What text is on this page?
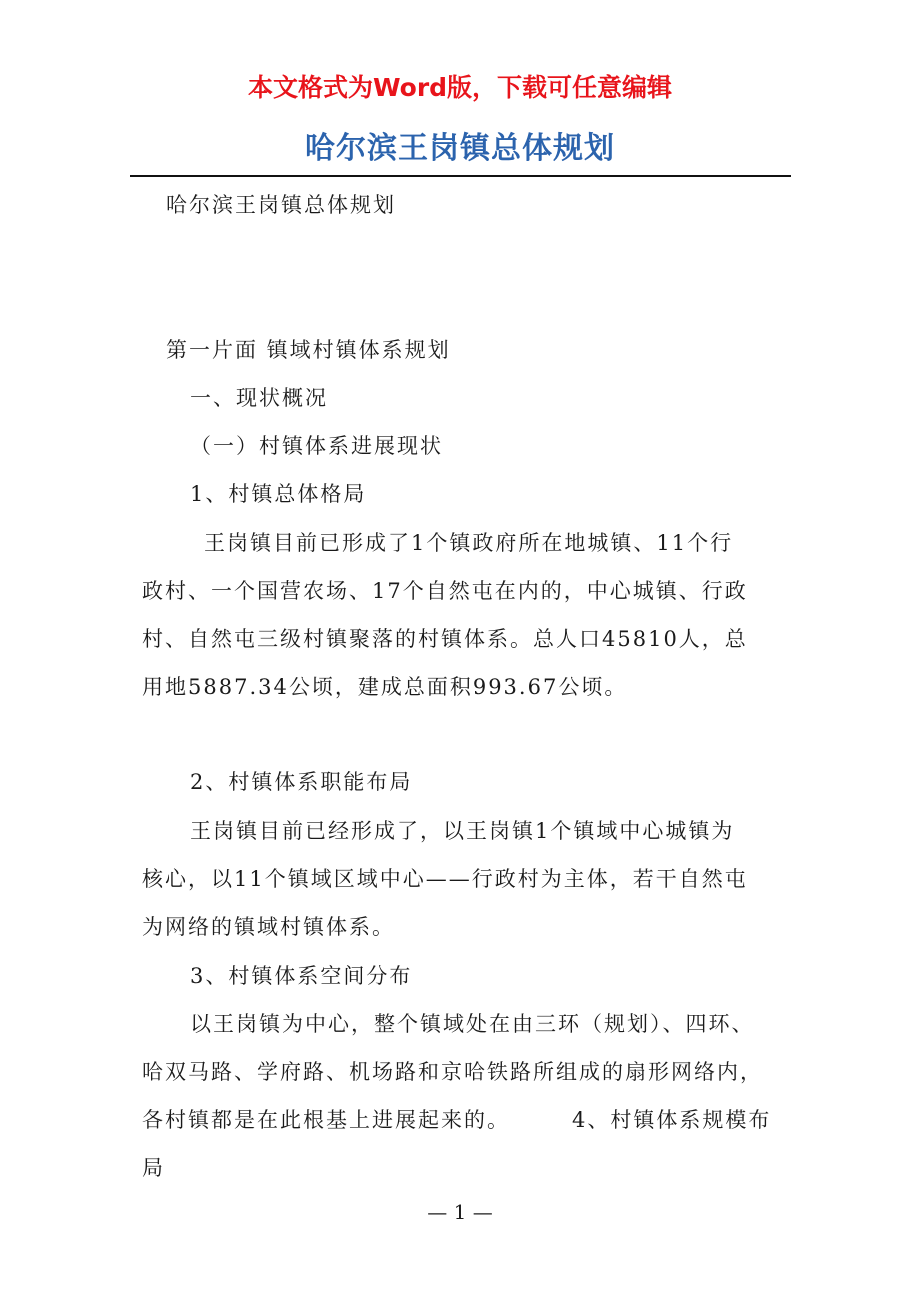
本文格式为Word版，下载可任意编辑
哈尔滨王岗镇总体规划
哈尔滨王岗镇总体规划
第一片面 镇域村镇体系规划
一、现状概况
（一）村镇体系进展现状
1、村镇总体格局
王岗镇目前已形成了1个镇政府所在地城镇、11个行
政村、一个国营农场、17个自然屯在内的，中心城镇、行政
村、自然屯三级村镇聚落的村镇体系。总人口45810人，总
用地5887.34公顷，建成总面积993.67公顷。
2、村镇体系职能布局
王岗镇目前已经形成了，以王岗镇1个镇域中心城镇为
核心，以11个镇域区域中心——行政村为主体，若干自然屯
为网络的镇域村镇体系。
3、村镇体系空间分布
以王岗镇为中心，整个镇域处在由三环（规划）、四环、
哈双马路、学府路、机场路和京哈铁路所组成的扇形网络内，
各村镇都是在此根基上进展起来的。	4、村镇体系规模布
局
— 1 —
